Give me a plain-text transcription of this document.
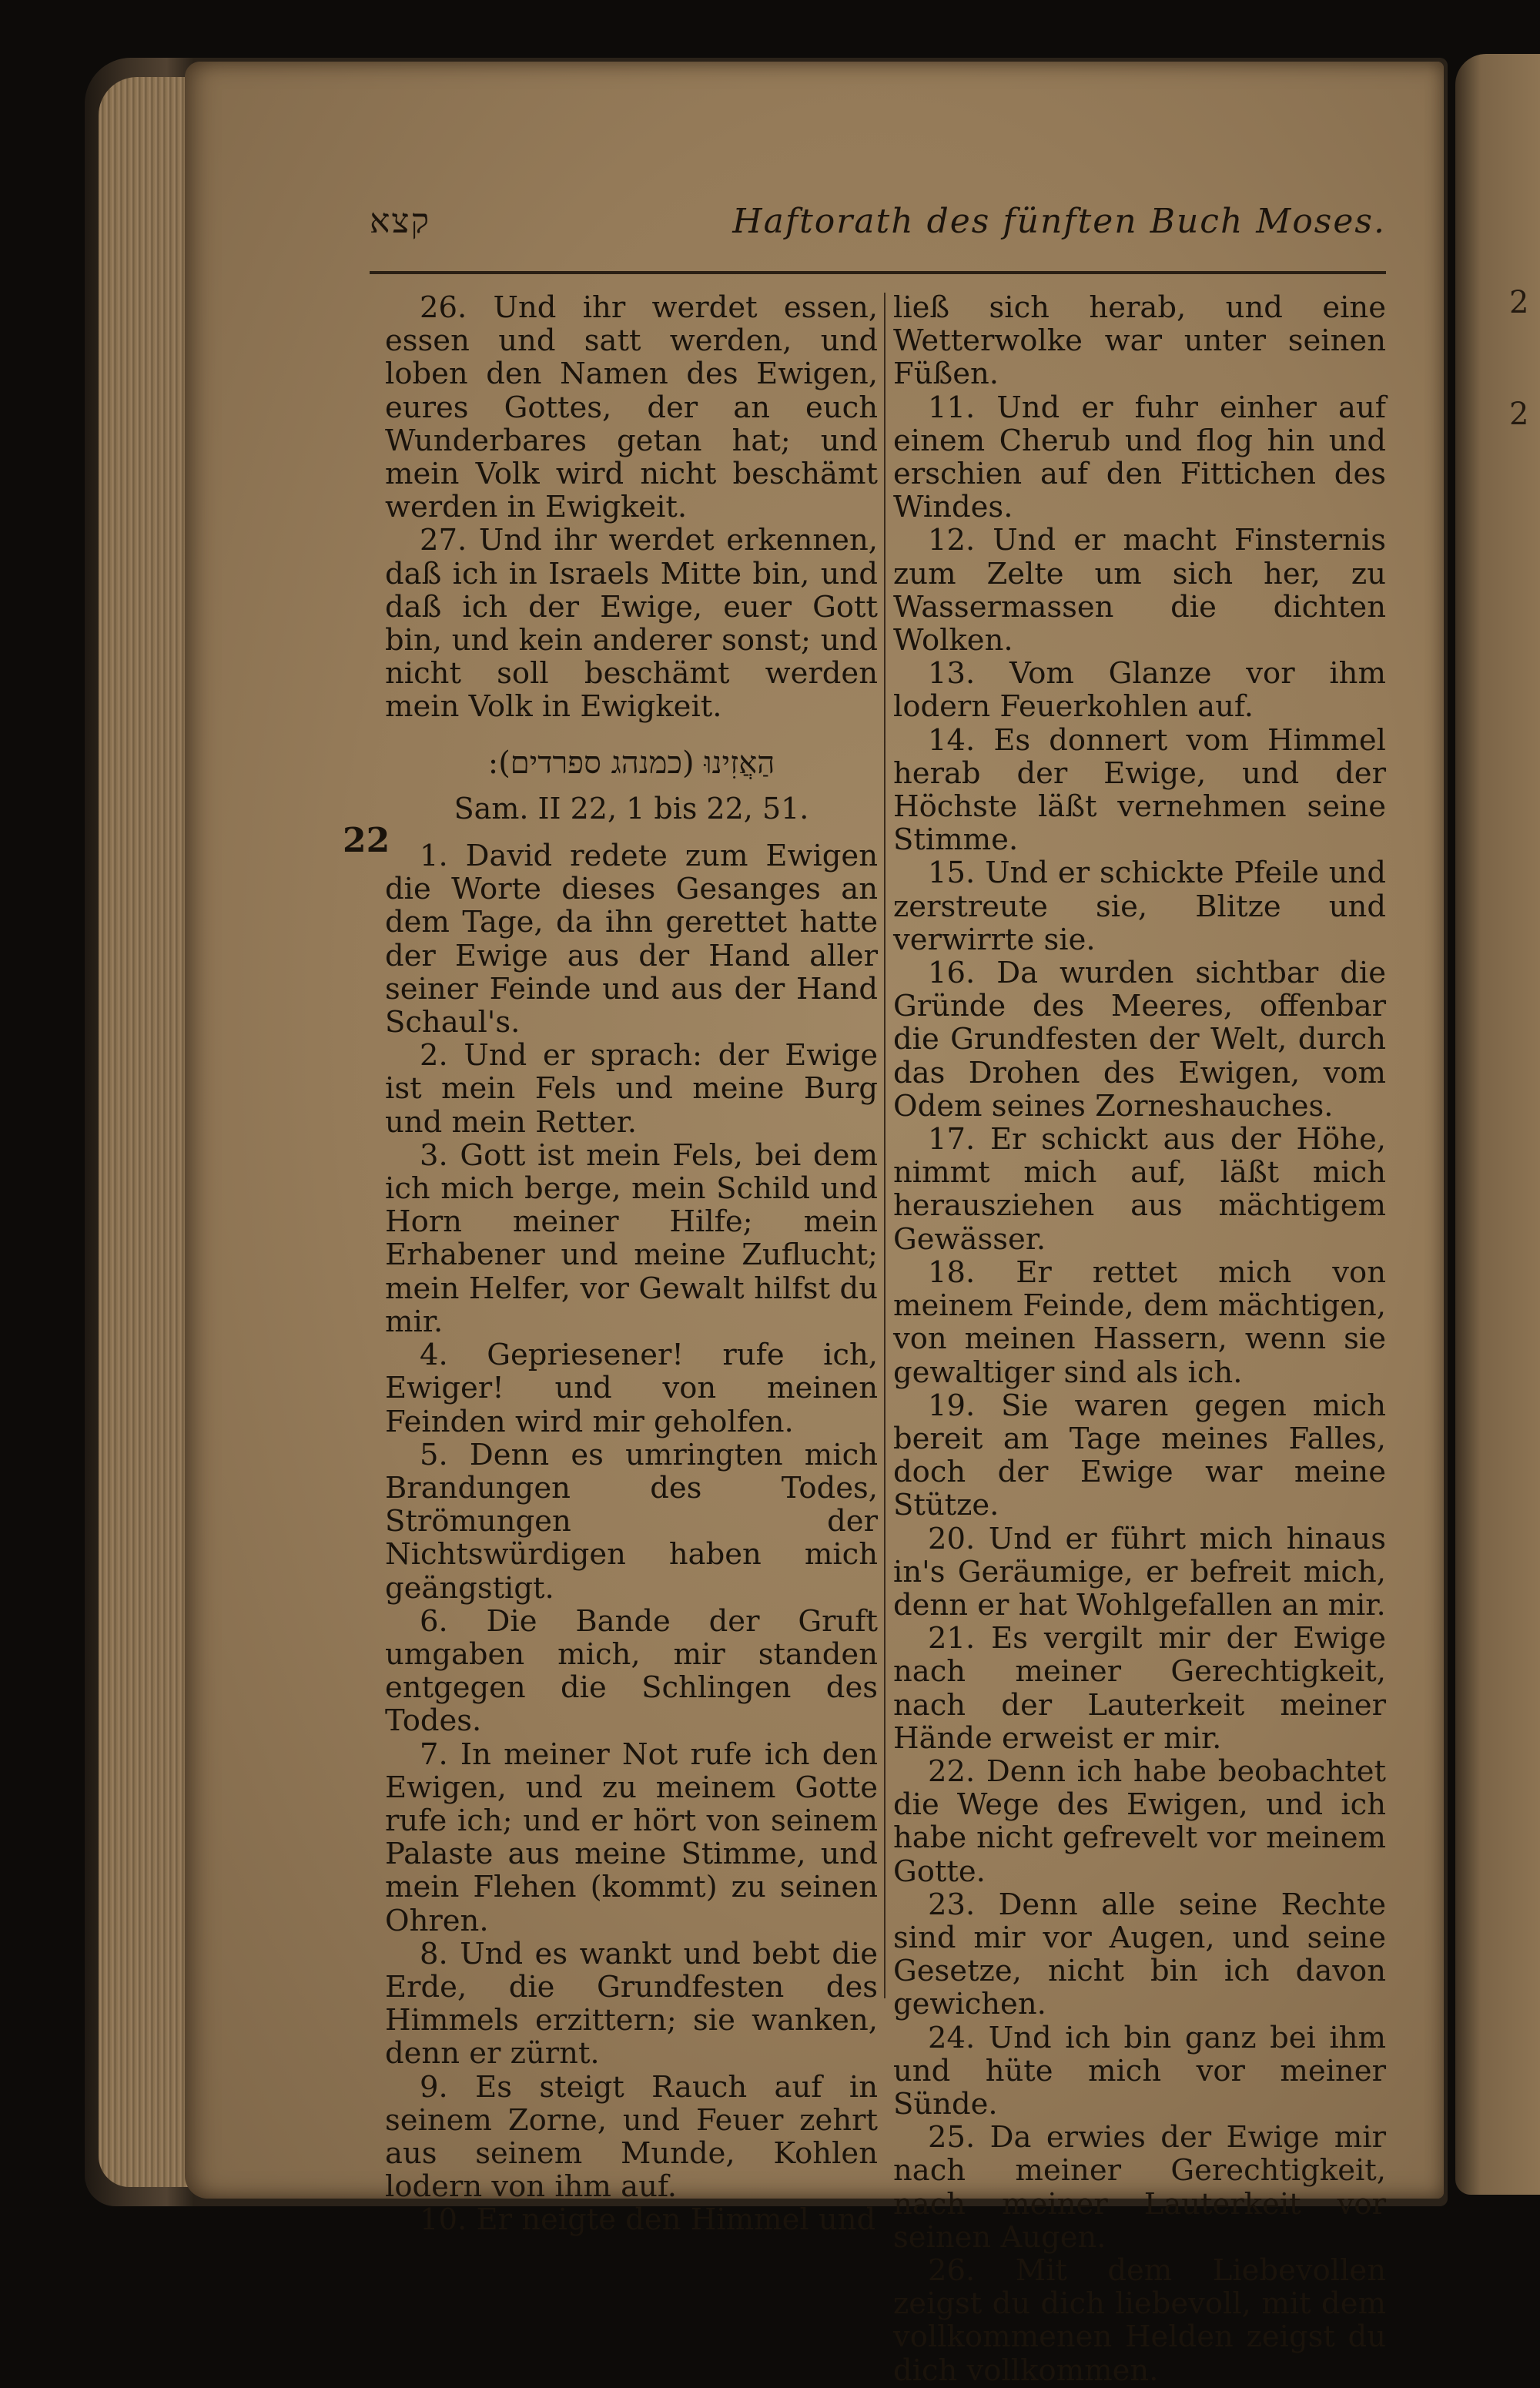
2
2
קצא	Haftorath des fünften Buch Moses.
22

26. Und ihr werdet essen, essen und satt werden, und loben den Namen des Ewigen, eures Gottes, der an euch Wunderbares getan hat; und mein Volk wird nicht beschämt werden in Ewigkeit.

27. Und ihr werdet erkennen, daß ich in Israels Mitte bin, und daß ich der Ewige, euer Gott bin, und kein anderer sonst; und nicht soll beschämt werden mein Volk in Ewigkeit.

הַאֲזִינוּ (כמנהג ספרדים):
Sam. II 22, 1 bis 22, 51.

1. David redete zum Ewigen die Worte dieses Gesanges an dem Tage, da ihn gerettet hatte der Ewige aus der Hand aller seiner Feinde und aus der Hand Schaul's.

2. Und er sprach: der Ewige ist mein Fels und meine Burg und mein Retter.

3. Gott ist mein Fels, bei dem ich mich berge, mein Schild und Horn meiner Hilfe; mein Erhabener und meine Zuflucht; mein Helfer, vor Gewalt hilfst du mir.

4. Gepriesener! rufe ich, Ewiger! und von meinen Feinden wird mir geholfen.

5. Denn es umringten mich Brandungen des Todes, Strömungen der Nichtswürdigen haben mich geängstigt.

6. Die Bande der Gruft umgaben mich, mir standen entgegen die Schlingen des Todes.

7. In meiner Not rufe ich den Ewigen, und zu meinem Gotte rufe ich; und er hört von seinem Palaste aus meine Stimme, und mein Flehen (kommt) zu seinen Ohren.

8. Und es wankt und bebt die Erde, die Grundfesten des Himmels erzittern; sie wanken, denn er zürnt.

9. Es steigt Rauch auf in seinem Zorne, und Feuer zehrt aus seinem Munde, Kohlen lodern von ihm auf.

10. Er neigte den Himmel und

ließ sich herab, und eine Wetterwolke war unter seinen Füßen.

11. Und er fuhr einher auf einem Cherub und flog hin und erschien auf den Fittichen des Windes.

12. Und er macht Finsternis zum Zelte um sich her, zu Wassermassen die dichten Wolken.

13. Vom Glanze vor ihm lodern Feuerkohlen auf.

14. Es donnert vom Himmel herab der Ewige, und der Höchste läßt vernehmen seine Stimme.

15. Und er schickte Pfeile und zerstreute sie, Blitze und verwirrte sie.

16. Da wurden sichtbar die Gründe des Meeres, offenbar die Grundfesten der Welt, durch das Drohen des Ewigen, vom Odem seines Zorneshauches.

17. Er schickt aus der Höhe, nimmt mich auf, läßt mich herausziehen aus mächtigem Gewässer.

18. Er rettet mich von meinem Feinde, dem mächtigen, von meinen Hassern, wenn sie gewaltiger sind als ich.

19. Sie waren gegen mich bereit am Tage meines Falles, doch der Ewige war meine Stütze.

20. Und er führt mich hinaus in's Geräumige, er befreit mich, denn er hat Wohlgefallen an mir.

21. Es vergilt mir der Ewige nach meiner Gerechtigkeit, nach der Lauterkeit meiner Hände erweist er mir.

22. Denn ich habe beobachtet die Wege des Ewigen, und ich habe nicht gefrevelt vor meinem Gotte.

23. Denn alle seine Rechte sind mir vor Augen, und seine Gesetze, nicht bin ich davon gewichen.

24. Und ich bin ganz bei ihm und hüte mich vor meiner Sünde.

25. Da erwies der Ewige mir nach meiner Gerechtigkeit, nach meiner Lauterkeit vor seinen Augen.

26. Mit dem Liebevollen zeigst du dich liebevoll, mit dem vollkommenen Helden zeigst du dich vollkommen.
